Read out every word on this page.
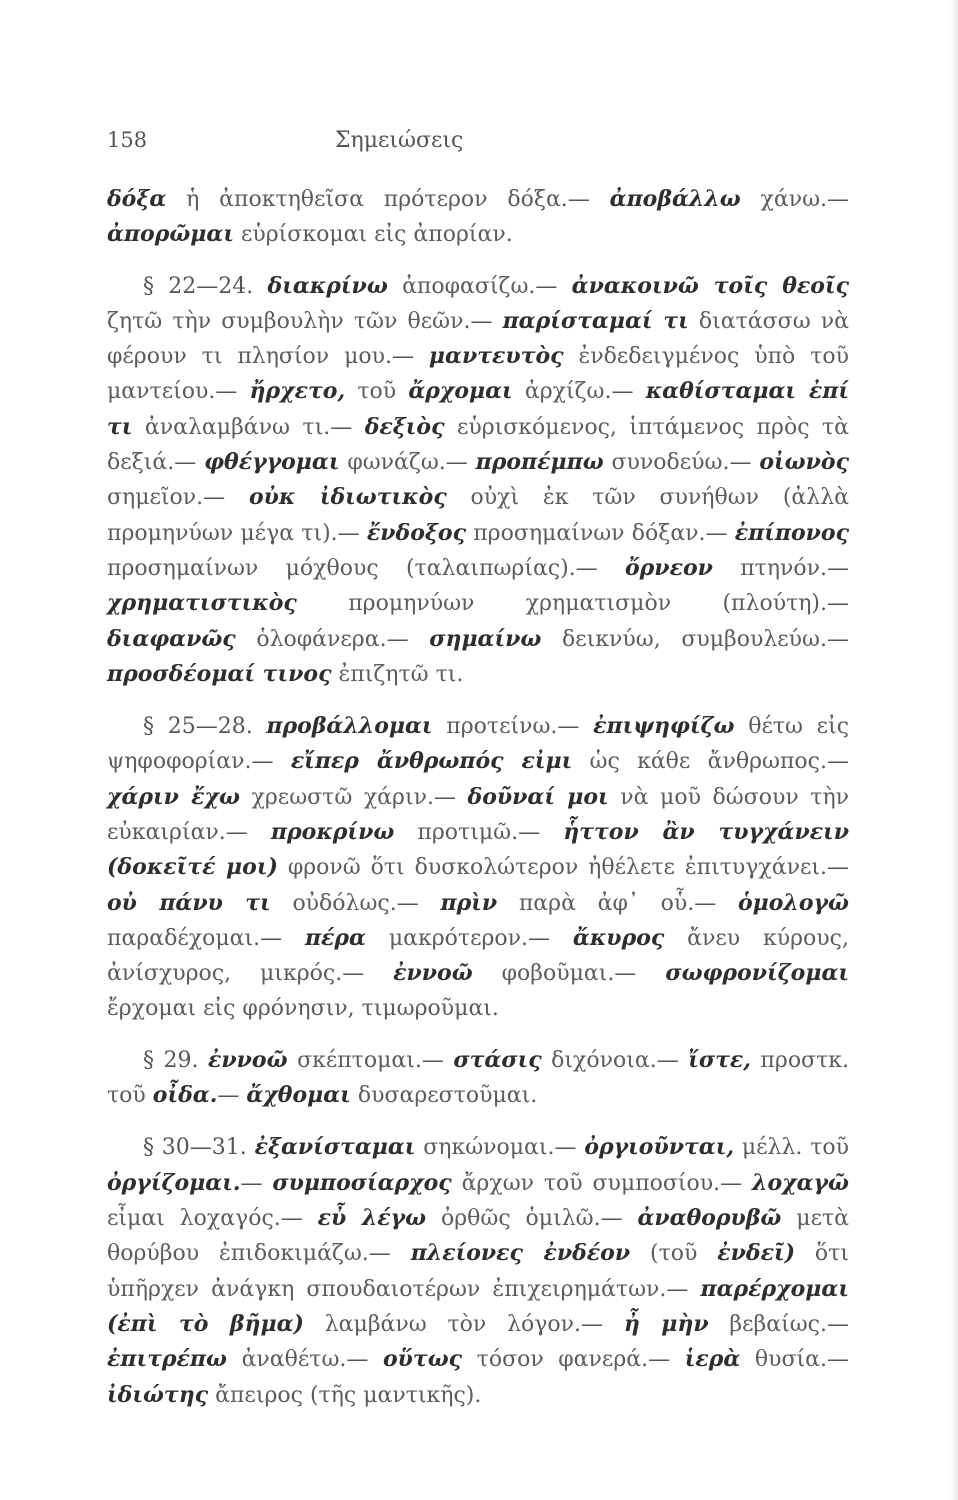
158	Σημειώσεις

δόξα ἡ ἀποκτηθεῖσα πρότερον δόξα.— ἀποβάλλω χάνω.— ἀπορῶμαι εὑρίσκομαι εἰς ἀπορίαν.

§ 22—24. διακρίνω ἀποφασίζω.— ἀνακοινῶ τοῖς θεοῖς ζητῶ τὴν συμβουλὴν τῶν θεῶν.— παρίσταμαί τι διατάσσω νὰ φέρουν τι πλησίον μου.— μαντευτὸς ἐνδεδειγμένος ὑπὸ τοῦ μαντείου.— ἤρχετο, τοῦ ἄρχομαι ἀρχίζω.— καθίσταμαι ἐπί τι ἀναλαμβάνω τι.— δεξιὸς εὑρισκόμενος, ἱπτάμενος πρὸς τὰ δεξιά.— φθέγγομαι φωνάζω.— προπέμπω συνοδεύω.— οἰωνὸς σημεῖον.— οὐκ ἰδιωτικὸς οὐχὶ ἐκ τῶν συνήθων (ἀλλὰ προμηνύων μέγα τι).— ἔνδοξος προσημαίνων δόξαν.— ἐπίπονος προσημαίνων μόχθους (ταλαιπωρίας).— ὄρνεον πτηνόν.— χρηματιστικὸς προμηνύων χρηματισμὸν (πλούτη).— διαφανῶς ὁλοφάνερα.— σημαίνω δεικνύω, συμβουλεύω.— προσδέομαί τινος ἐπιζητῶ τι.

§ 25—28. προβάλλομαι προτείνω.— ἐπιψηφίζω θέτω εἰς ψηφοφορίαν.— εἴπερ ἄνθρωπός εἰμι ὡς κάθε ἄνθρωπος.— χάριν ἔχω χρεωστῶ χάριν.— δοῦναί μοι νὰ μοῦ δώσουν τὴν εὐκαιρίαν.— προκρίνω προτιμῶ.— ἧττον ἂν τυγχάνειν (δοκεῖτέ μοι) φρονῶ ὅτι δυσκολώτερον ἠθέλετε ἐπιτυγχάνει.— οὐ πάνυ τι οὐδόλως.— πρὶν παρὰ ἀφ᾿ οὗ.— ὁμολογῶ παραδέχομαι.— πέρα μακρότερον.— ἄκυρος ἄνευ κύρους, ἀνίσχυρος, μικρός.— ἐννοῶ φοβοῦμαι.— σωφρονίζομαι ἔρχομαι εἰς φρόνησιν, τιμωροῦμαι.

§ 29. ἐννοῶ σκέπτομαι.— στάσις διχόνοια.— ἴστε, προστκ. τοῦ οἶδα.— ἄχθομαι δυσαρεστοῦμαι.

§ 30—31. ἐξανίσταμαι σηκώνομαι.— ὀργιοῦνται, μέλλ. τοῦ ὀργίζομαι.— συμποσίαρχος ἄρχων τοῦ συμποσίου.— λοχαγῶ εἶμαι λοχαγός.— εὖ λέγω ὀρθῶς ὁμιλῶ.— ἀναθορυβῶ μετὰ θορύβου ἐπιδοκιμάζω.— πλείονες ἐνδέον (τοῦ ἐνδεῖ) ὅτι ὑπῆρχεν ἀνάγκη σπουδαιοτέρων ἐπιχειρημάτων.— παρέρχομαι (ἐπὶ τὸ βῆμα) λαμβάνω τὸν λόγον.— ἦ μὴν βεβαίως.— ἐπιτρέπω ἀναθέτω.— οὕτως τόσον φανερά.— ἱερὰ θυσία.— ἰδιώτης ἄπειρος (τῆς μαντικῆς).
